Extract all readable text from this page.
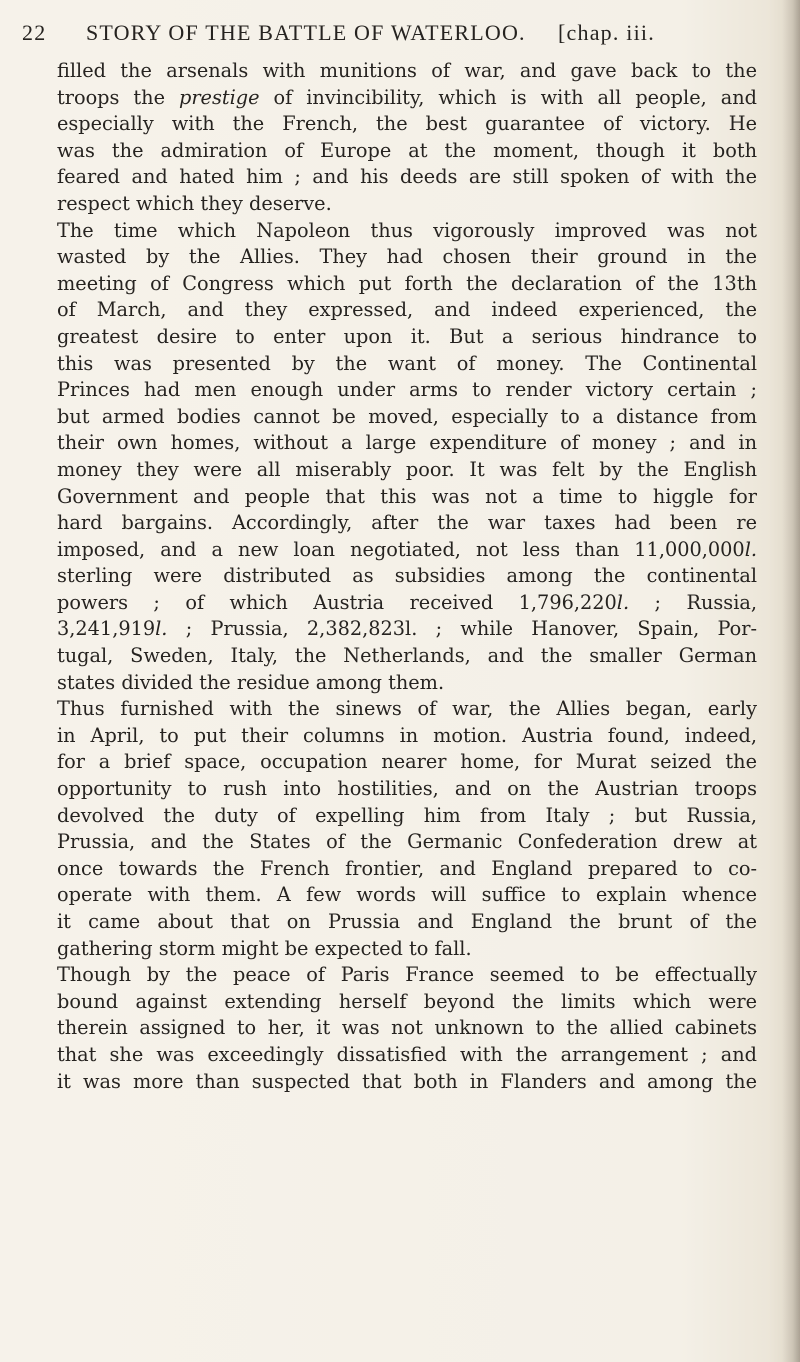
22 STORY OF THE BATTLE OF WATERLOO. [chap. iii.
filled the arsenals with munitions of war, and gave back to the
troops the prestige of invincibility, which is with all people, and
especially with the French, the best guarantee of victory. He
was the admiration of Europe at the moment, though it both
feared and hated him ; and his deeds are still spoken of with the
respect which they deserve.
The time which Napoleon thus vigorously improved was not
wasted by the Allies. They had chosen their ground in the
meeting of Congress which put forth the declaration of the 13th
of March, and they expressed, and indeed experienced, the
greatest desire to enter upon it. But a serious hindrance to
this was presented by the want of money. The Continental
Princes had men enough under arms to render victory certain ;
but armed bodies cannot be moved, especially to a distance from
their own homes, without a large expenditure of money ; and in
money they were all miserably poor. It was felt by the English
Government and people that this was not a time to higgle for
hard bargains. Accordingly, after the war taxes had been re
imposed, and a new loan negotiated, not less than 11,000,000l.
sterling were distributed as subsidies among the continental
powers ; of which Austria received 1,796,220l. ; Russia,
3,241,919l. ; Prussia, 2,382,823l. ; while Hanover, Spain, Por-
tugal, Sweden, Italy, the Netherlands, and the smaller German
states divided the residue among them.
Thus furnished with the sinews of war, the Allies began, early
in April, to put their columns in motion. Austria found, indeed,
for a brief space, occupation nearer home, for Murat seized the
opportunity to rush into hostilities, and on the Austrian troops
devolved the duty of expelling him from Italy ; but Russia,
Prussia, and the States of the Germanic Confederation drew at
once towards the French frontier, and England prepared to co-
operate with them. A few words will suffice to explain whence
it came about that on Prussia and England the brunt of the
gathering storm might be expected to fall.
Though by the peace of Paris France seemed to be effectually
bound against extending herself beyond the limits which were
therein assigned to her, it was not unknown to the allied cabinets
that she was exceedingly dissatisfied with the arrangement ; and
it was more than suspected that both in Flanders and among the
